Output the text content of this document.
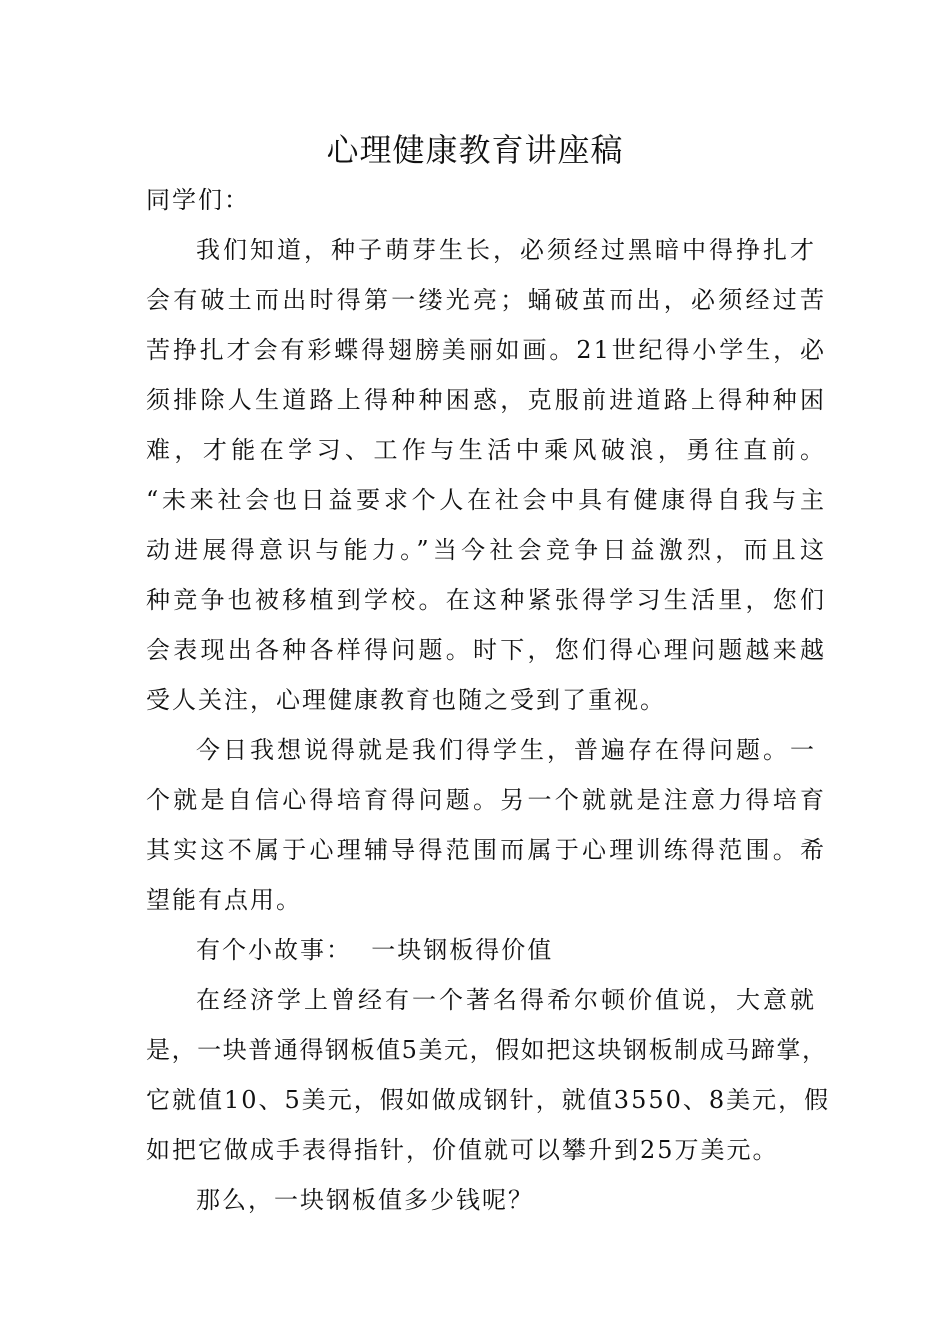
心理健康教育讲座稿
同学们：
我们知道，种子萌芽生长，必须经过黑暗中得挣扎才
会有破土而出时得第一缕光亮；蛹破茧而出，必须经过苦
苦挣扎才会有彩蝶得翅膀美丽如画。21世纪得小学生，必
须排除人生道路上得种种困惑，克服前进道路上得种种困
难，才能在学习、工作与生活中乘风破浪，勇往直前。
“未来社会也日益要求个人在社会中具有健康得自我与主
动进展得意识与能力。”当今社会竞争日益激烈，而且这
种竞争也被移植到学校。在这种紧张得学习生活里，您们
会表现出各种各样得问题。时下，您们得心理问题越来越
受人关注，心理健康教育也随之受到了重视。
今日我想说得就是我们得学生，普遍存在得问题。一
个就是自信心得培育得问题。另一个就就是注意力得培育
其实这不属于心理辅导得范围而属于心理训练得范围。希
望能有点用。
有个小故事：  一块钢板得价值
在经济学上曾经有一个著名得希尔顿价值说，大意就
是，一块普通得钢板值5美元，假如把这块钢板制成马蹄掌，
它就值10、5美元，假如做成钢针，就值3550、8美元，假
如把它做成手表得指针，价值就可以攀升到25万美元。
那么，一块钢板值多少钱呢？
